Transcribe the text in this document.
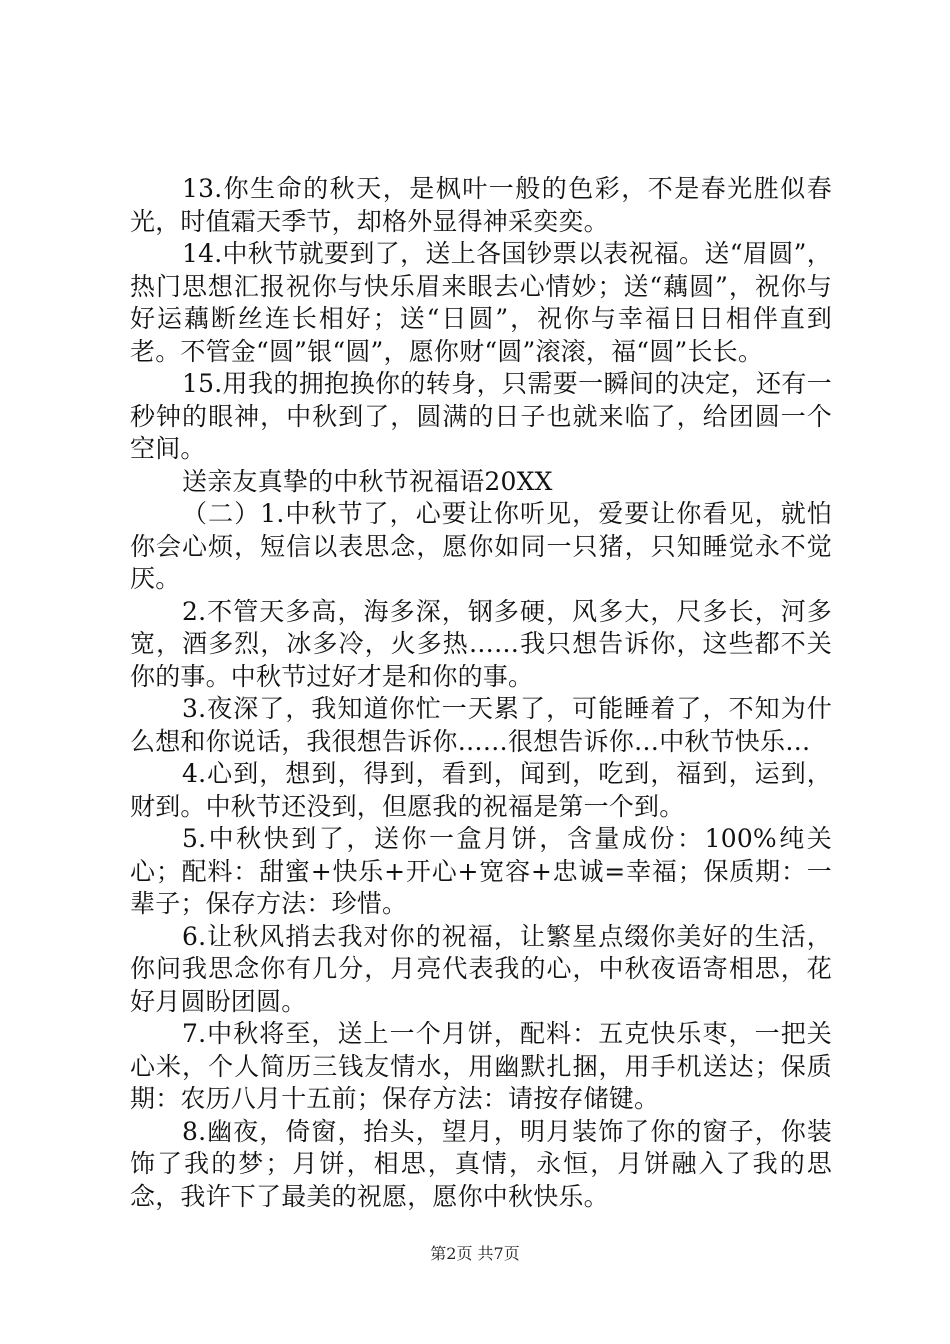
13.你生命的秋天，是枫叶一般的色彩，不是春光胜似春光，时值霜天季节，却格外显得神采奕奕。

14.中秋节就要到了，送上各国钞票以表祝福。送“眉圆”，热门思想汇报祝你与快乐眉来眼去心情妙；送“藕圆”，祝你与好运藕断丝连长相好；送“日圆”，祝你与幸福日日相伴直到老。不管金“圆”银“圆”，愿你财“圆”滚滚，福“圆”长长。

15.用我的拥抱换你的转身，只需要一瞬间的决定，还有一秒钟的眼神，中秋到了，圆满的日子也就来临了，给团圆一个空间。

送亲友真挚的中秋节祝福语20XX

（二）1.中秋节了，心要让你听见，爱要让你看见，就怕你会心烦，短信以表思念，愿你如同一只猪，只知睡觉永不觉厌。

2.不管天多高，海多深，钢多硬，风多大，尺多长，河多宽，酒多烈，冰多冷，火多热……我只想告诉你，这些都不关你的事。中秋节过好才是和你的事。

3.夜深了，我知道你忙一天累了，可能睡着了，不知为什么想和你说话，我很想告诉你……很想告诉你…中秋节快乐…

4.心到，想到，得到，看到，闻到，吃到，福到，运到，财到。中秋节还没到，但愿我的祝福是第一个到。

5.中秋快到了，送你一盒月饼，含量成份：100%纯关心；配料：甜蜜+快乐+开心+宽容+忠诚=幸福；保质期：一辈子；保存方法：珍惜。

6.让秋风捎去我对你的祝福，让繁星点缀你美好的生活，你问我思念你有几分，月亮代表我的心，中秋夜语寄相思，花好月圆盼团圆。

7.中秋将至，送上一个月饼，配料：五克快乐枣，一把关心米，个人简历三钱友情水，用幽默扎捆，用手机送达；保质期：农历八月十五前；保存方法：请按存储键。

8.幽夜，倚窗，抬头，望月，明月装饰了你的窗子，你装饰了我的梦；月饼，相思，真情，永恒，月饼融入了我的思念，我许下了最美的祝愿，愿你中秋快乐。

第2页 共7页
